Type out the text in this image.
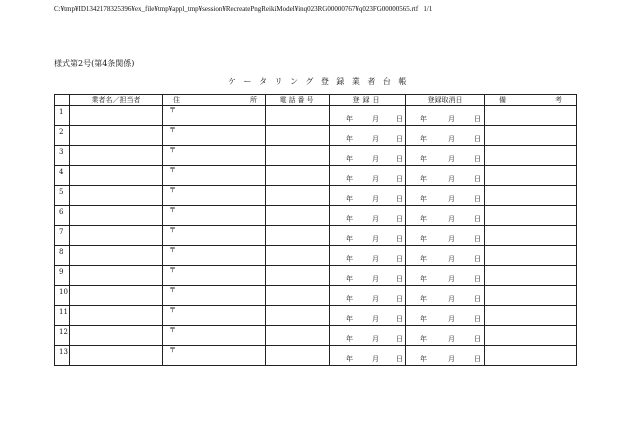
C:¥tmp¥ID1342178325396¥ex_file¥tmp¥appl_tmp¥session¥RecreatePngReikiModel¥inq023RG00000767¥q023FG00000565.rtf 1/1
様式第2号(第4条関係)
ケータリング登録業者台帳
	業者名／担当者	住 所	電話番号	登録日	登録取消日	備 考

1		〒		年 月 日	年 月 日	

2		〒		年 月 日	年 月 日	

3		〒		年 月 日	年 月 日	

4		〒		年 月 日	年 月 日	

5		〒		年 月 日	年 月 日	

6		〒		年 月 日	年 月 日	

7		〒		年 月 日	年 月 日	

8		〒		年 月 日	年 月 日	

9		〒		年 月 日	年 月 日	

10		〒		年 月 日	年 月 日	

11		〒		年 月 日	年 月 日	

12		〒		年 月 日	年 月 日	

13		〒		年 月 日	年 月 日	
